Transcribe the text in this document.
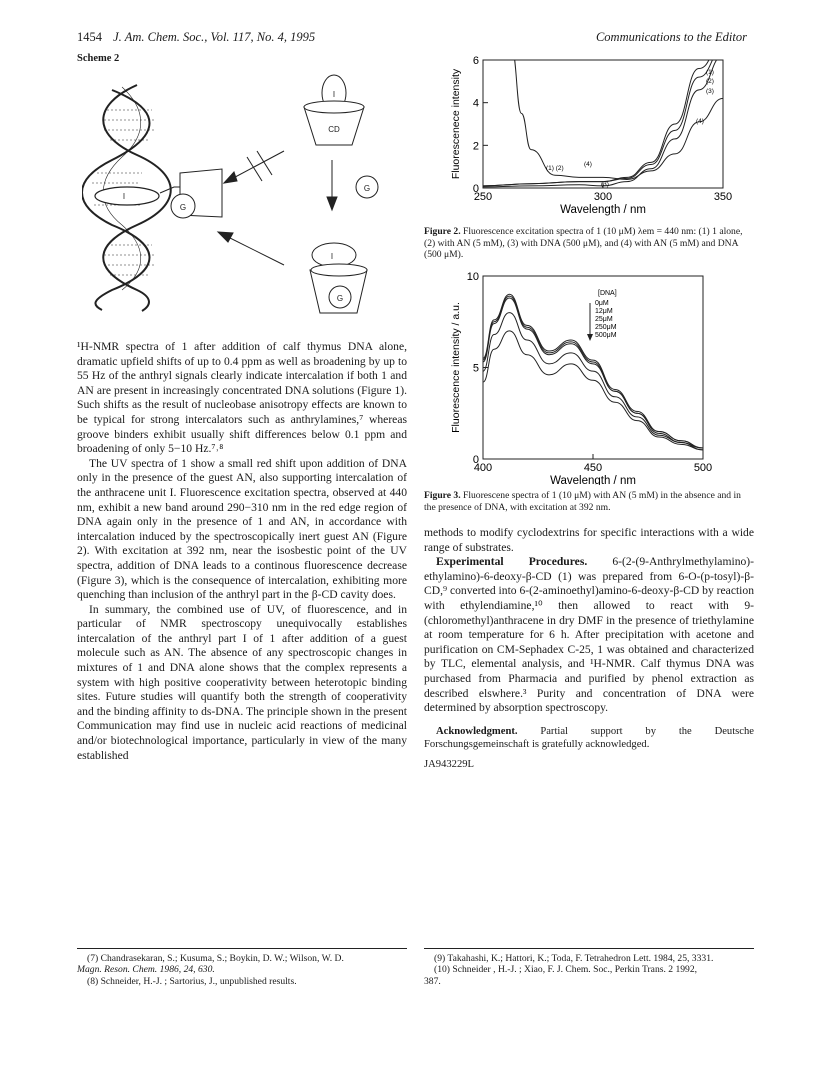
1454 J. Am. Chem. Soc., Vol. 117, No. 4, 1995	Communications to the Editor
Scheme 2
I
CD
G
G
I
I
G

¹H-NMR spectra of 1 after addition of calf thymus DNA alone, dramatic upfield shifts of up to 0.4 ppm as well as broadening by up to 55 Hz of the anthryl signals clearly indicate intercalation if both 1 and AN are present in increasingly concentrated DNA solutions (Figure 1). Such shifts as the result of nucleobase anisotropy effects are known to be typical for strong intercalators such as anthrylamines,⁷ whereas groove binders exhibit usually shift differences below 0.1 ppm and broadening of only 5−10 Hz.⁷˒⁸

The UV spectra of 1 show a small red shift upon addition of DNA only in the presence of the guest AN, also supporting intercalation of the anthracene unit I. Fluorescence excitation spectra, observed at 440 nm, exhibit a new band around 290−310 nm in the red edge region of DNA again only in the presence of 1 and AN, in accordance with intercalation induced by the spectroscopically inert guest AN (Figure 2). With excitation at 392 nm, near the isosbestic point of the UV spectra, addition of DNA leads to a continous fluorescence decrease (Figure 3), which is the consequence of intercalation, exhibiting more quenching than inclusion of the anthryl part in the β-CD cavity does.

In summary, the combined use of UV, of fluorescence, and in particular of NMR spectroscopy unequivocally establishes intercalation of the anthryl part I of 1 after addition of a guest molecule such as AN. The absence of any spectroscopic changes in mixtures of 1 and DNA alone shows that the complex represents a system with high positive cooperativity between heterotopic binding sites. Future studies will quantify both the strength of cooperativity and the binding affinity to ds-DNA. The principle shown in the present Communication may find use in nucleic acid reactions of medicinal and/or biotechnological importance, particularly in view of the many established

250	300	350
0
2
4
6
Wavelength / nm
Fluorescenece intensity	(1)
(2)
(3)
(4)
(1) (2)
(4)
(3)
Figure 2. Fluorescence excitation spectra of 1 (10 μM) λem = 440 nm: (1) 1 alone, (2) with AN (5 mM), (3) with DNA (500 μM), and (4) with AN (5 mM) and DNA (500 μM).
400	450	500
0
5
10
Wavelength / nm
Fluorescence intensity / a.u.
[DNA]
0μM
12μM
25μM
250μM
500μM
Figure 3. Fluorescene spectra of 1 (10 μM) with AN (5 mM) in the absence and in the presence of DNA, with excitation at 392 nm.

methods to modify cyclodextrins for specific interactions with a wide range of substrates.

Experimental Procedures. 6-(2-(9-Anthrylmethylamino)-ethylamino)-6-deoxy-β-CD (1) was prepared from 6-O-(p-tosyl)-β-CD,⁹ converted into 6-(2-aminoethyl)amino-6-deoxy-β-CD by reaction with ethylendiamine,¹⁰ then allowed to react with 9-(chloromethyl)anthracene in dry DMF in the presence of triethylamine at room temperature for 6 h. After precipitation with acetone and purification on CM-Sephadex C-25, 1 was obtained and characterized by TLC, elemental analysis, and ¹H-NMR. Calf thymus DNA was purchased from Pharmacia and purified by phenol extraction as described elswhere.³ Purity and concentration of DNA were determined by absorption spectroscopy.

Acknowledgment. Partial support by the Deutsche Forschungsgemeinschaft is gratefully acknowledged.

JA943229L

(7) Chandrasekaran, S.; Kusuma, S.; Boykin, D. W.; Wilson, W. D.

Magn. Reson. Chem. 1986, 24, 630.

(8) Schneider, H.-J. ; Sartorius, J., unpublished results.

(9) Takahashi, K.; Hattori, K.; Toda, F. Tetrahedron Lett. 1984, 25, 3331.

(10) Schneider , H.-J. ; Xiao, F. J. Chem. Soc., Perkin Trans. 2 1992,

387.
